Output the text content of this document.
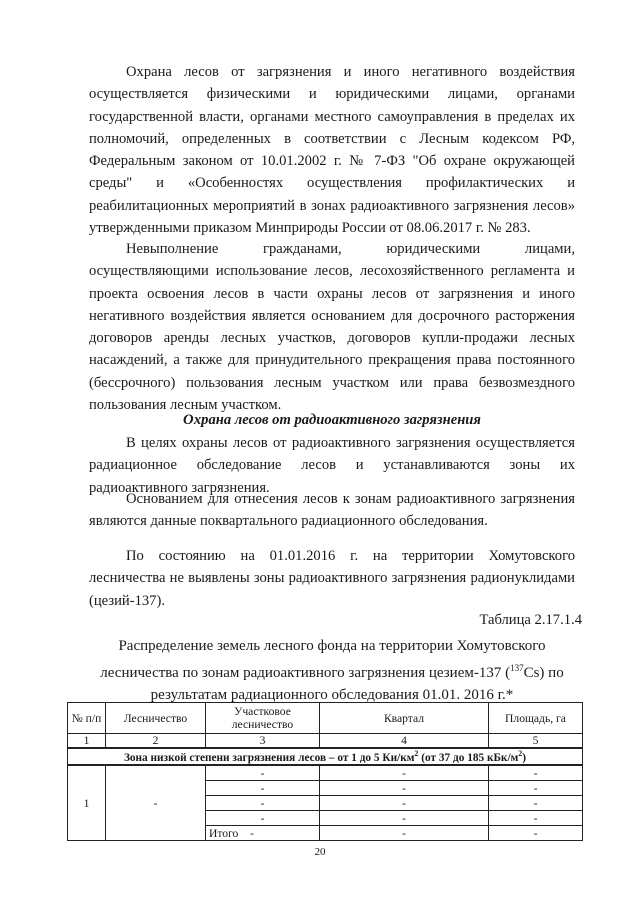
Охрана лесов от загрязнения и иного негативного воздействия осуществляется физическими и юридическими лицами, органами государственной власти, органами местного самоуправления в пределах их полномочий, определенных в соответствии с Лесным кодексом РФ, Федеральным законом от 10.01.2002 г. № 7-ФЗ "Об охране окружающей среды" и «Особенностях осуществления профилактических и реабилитационных мероприятий в зонах радиоактивного загрязнения лесов» утвержденными приказом Минприроды России от 08.06.2017 г. № 283.

Невыполнение гражданами, юридическими лицами, осуществляющими использование лесов, лесохозяйственного регламента и проекта освоения лесов в части охраны лесов от загрязнения и иного негативного воздействия является основанием для досрочного расторжения договоров аренды лесных участков, договоров купли-продажи лесных насаждений, а также для принудительного прекращения права постоянного (бессрочного) пользования лесным участком или права безвозмездного пользования лесным участком.

Охрана лесов от радиоактивного загрязнения

В целях охраны лесов от радиоактивного загрязнения осуществляется радиационное обследование лесов и устанавливаются зоны их радиоактивного загрязнения.

Основанием для отнесения лесов к зонам радиоактивного загрязнения являются данные поквартального радиационного обследования.

По состоянию на 01.01.2016 г. на территории Хомутовского лесничества не выявлены зоны радиоактивного загрязнения радионуклидами (цезий-137).

Таблица 2.17.1.4
Распределение земель лесного фонда на территории Хомутовского
лесничества по зонам радиоактивного загрязнения цезием-137 ($^{137}$Cs) по
результатам радиационного обследования 01.01. 2016 г.*
№ п/п	Лесничество	Участковое лесничество	Квартал	Площадь, га
1	2	3	4	5
Зона низкой степени загрязнения лесов – от 1 до 5 $Ки/км^2$ (от 37 до 185 кБк/$м^2$)				
1	-	-	-	-
		-	-	-
		-	-	-
		-	-	-
		Итого -	-	-
20
